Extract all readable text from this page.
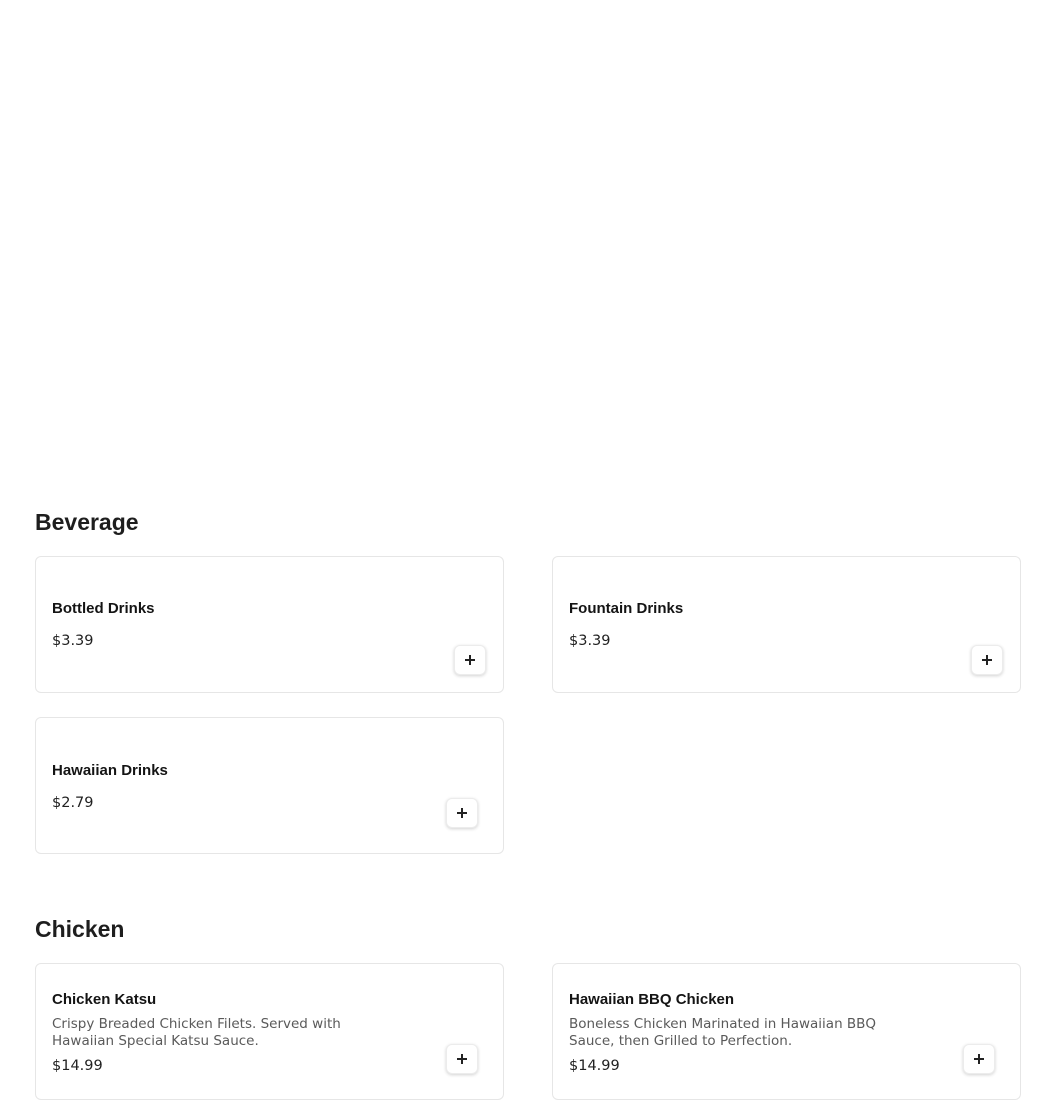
Beverage
Bottled Drinks
$3.39
Fountain Drinks
$3.39
Hawaiian Drinks
$2.79
Chicken
Chicken Katsu
Crispy Breaded Chicken Filets. Served with Hawaiian Special Katsu Sauce.
$14.99
Hawaiian BBQ Chicken
Boneless Chicken Marinated in Hawaiian BBQ Sauce, then Grilled to Perfection.
$14.99
